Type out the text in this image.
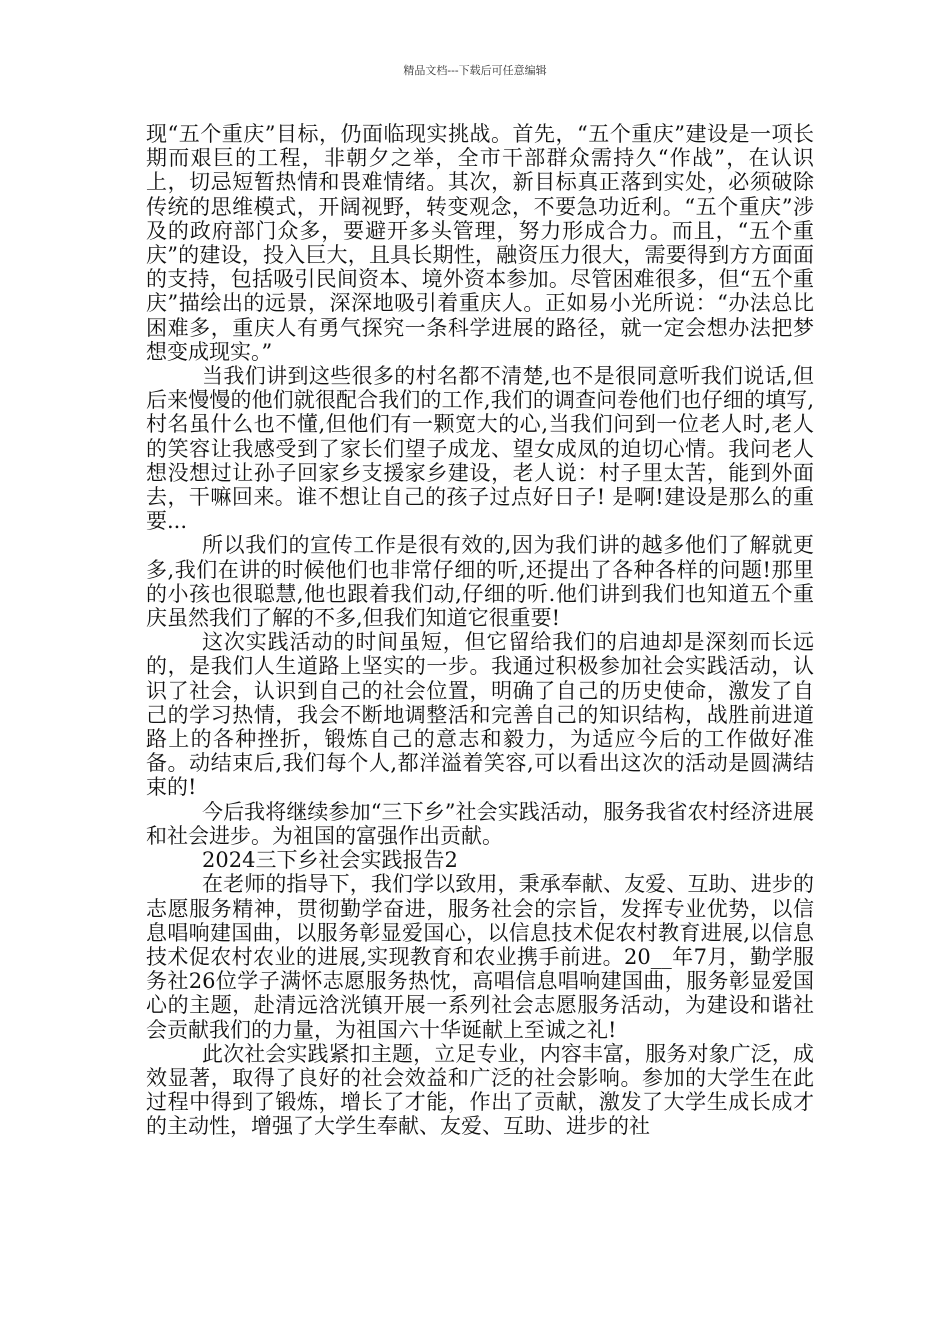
精品文档---下载后可任意编辑

现“五个重庆”目标，仍面临现实挑战。首先，“五个重庆”建设是一项长期而艰巨的工程，非朝夕之举，全市干部群众需持久“作战”，在认识上，切忌短暂热情和畏难情绪。其次，新目标真正落到实处，必须破除传统的思维模式，开阔视野，转变观念，不要急功近利。“五个重庆”涉及的政府部门众多，要避开多头管理，努力形成合力。而且，“五个重庆”的建设，投入巨大，且具长期性，融资压力很大，需要得到方方面面的支持，包括吸引民间资本、境外资本参加。尽管困难很多，但“五个重庆”描绘出的远景，深深地吸引着重庆人。正如易小光所说：“办法总比困难多，重庆人有勇气探究一条科学进展的路径，就一定会想办法把梦想变成现实。”

当我们讲到这些很多的村名都不清楚,也不是很同意听我们说话,但后来慢慢的他们就很配合我们的工作,我们的调查问卷他们也仔细的填写,村名虽什么也不懂,但他们有一颗宽大的心,当我们问到一位老人时,老人的笑容让我感受到了家长们望子成龙、望女成凤的迫切心情。我问老人想没想过让孙子回家乡支援家乡建设，老人说：村子里太苦，能到外面去，干嘛回来。谁不想让自己的孩子过点好日子! 是啊!建设是那么的重要...

所以我们的宣传工作是很有效的,因为我们讲的越多他们了解就更多,我们在讲的时候他们也非常仔细的听,还提出了各种各样的问题!那里的小孩也很聪慧,他也跟着我们动,仔细的听.他们讲到我们也知道五个重庆虽然我们了解的不多,但我们知道它很重要!

这次实践活动的时间虽短，但它留给我们的启迪却是深刻而长远的，是我们人生道路上坚实的一步。我通过积极参加社会实践活动，认识了社会，认识到自己的社会位置，明确了自己的历史使命，激发了自己的学习热情，我会不断地调整活和完善自己的知识结构，战胜前进道路上的各种挫折，锻炼自己的意志和毅力，为适应今后的工作做好准备。动结束后,我们每个人,都洋溢着笑容,可以看出这次的活动是圆满结束的!

今后我将继续参加“三下乡”社会实践活动，服务我省农村经济进展和社会进步。为祖国的富强作出贡献。

2024三下乡社会实践报告2

在老师的指导下，我们学以致用，秉承奉献、友爱、互助、进步的志愿服务精神，贯彻勤学奋进，服务社会的宗旨，发挥专业优势，以信息唱响建国曲，以服务彰显爱国心，以信息技术促农村教育进展,以信息技术促农村农业的进展,实现教育和农业携手前进。20__年7月，勤学服务社26位学子满怀志愿服务热忱，高唱信息唱响建国曲，服务彰显爱国心的主题，赴清远浛洸镇开展一系列社会志愿服务活动，为建设和谐社会贡献我们的力量，为祖国六十华诞献上至诚之礼!

此次社会实践紧扣主题，立足专业，内容丰富，服务对象广泛，成效显著，取得了良好的社会效益和广泛的社会影响。参加的大学生在此过程中得到了锻炼，增长了才能，作出了贡献，激发了大学生成长成才的主动性，增强了大学生奉献、友爱、互助、进步的社
